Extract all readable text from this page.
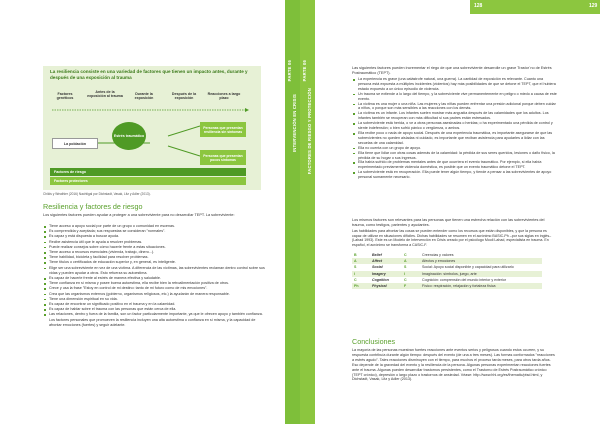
PARTE 06
INTERVENCIÓN EN CRISIS
PARTE 06
FACTORES DE RIESGO Y PROTECCIÓN
128	129
La resiliencia consiste en una variedad de factores que tienen un impacto antes, durante y después de una exposición al trauma
Factores genéticos
Antes de la exposición al trauma
Durante la exposición
Después de la exposición
Reacciones a largo plazo
Estrés traumático
La población
Personas que presentan resiliencia sin síntomas
Personas que presentan pocos síntomas
Factores de riesgo
Factores protectores
Childs y Weathier (2016) Nachtigal por Dichstadt, Vasak, Litz y Adler (2013).
Resiliencia y factores de riesgo
Los siguientes factores pueden ayudar a proteger a una sobreviviente para no desarrollar TEPT. La sobreviviente:
Tiene acceso a apoyo social por parte de un grupo o comunidad en escenas.
Es comprendida y aceptada; sus respuestas se consideran "normales".
Es capaz y está dispuesta a buscar ayuda.
Recibe asistencia útil que le ayuda a resolver problemas.
Puede realizar consejos sobre cómo hacerle frente a estas situaciones.
Tiene acceso a recursos esenciales (vivienda, trabajo, dinero...).
Tiene habilidad, bicicleta y facilidad para resolver problemas.
Tiene títulos o certificados de educación superior y, en general, es inteligente.
Elige ser una sobreviviente en vez de una víctima. A diferencia de las víctimas, las sobrevivientes reclaman dentro control sobre sus vidas y pueden ayudar a otros. Esto refuerza su autoestima.
Es capaz de hacerle frente al estrés de manera efectiva y saludable.
Tiene confianza en sí misma y posee buena autoestima, ella recibe bien la retroalimentación positiva de otros.
Crece y usa la frase "Estoy en control de mi destino: tanto de mi futuro como de mis emociones".
Crea que las organismos externos (gobierno, organismos religiosos, etc.) la ayudarán de manera responsable.
Tiene una dimensión espiritual en su vida.
Es capaz de encontrar un significado positivo en el trauma y en la calamidad.
Es capaz de hablar sobre el trauma con las personas que están cerca de ella.
Las relaciones, dentro y fuera de la familia, son un factor particularmente importante, ya que le ofrecen apoyo y también confianza. Los factores personales que promueven la resiliencia incluyen una alta autoestima o confianza en sí misma, y la capacidad de afrontar emociones (fuertes) y seguir adelante.
Las siguientes factores pueden incrementar el riego de que una sobreviviente desarrolle un grave Trastor´no de Estrés Postraumático (TEPT).
La experiencia es grave (una catástrofe natural, una guerra). La cantidad de exposición es relevante. Cuanto una persona está expuesta a múltiples incidentes (violentos) hay más posibilidades de que se detone el TEPT, que el hubiera estado expuesto a un único episodio de violencia.
Un trauma se extiende a lo largo del tiempo, y la sobreviviente vive permanentemente en peligro o miedo a causa de este evento.
La víctima es una mujer o una niña. Las mujeres y las niñas pueden enfrentar una presión adicional porque deben cuidar a niños, o porque son más sensibles a las reacciones con los demás.
La víctima es un infante. Los infantes suelen mostrar más angustia después de las calamidades que los adultos. Los infantes también se recuperan con más dificultad si sus padres están estresados.
La sobreviviente está herida, o ve a otras personas asesinadas o heridas; o ha experimentado una pérdida de control y siente indefensión; o bien sufrió pánico o vergüenza, o ambos.
Ella recibe poco o nada de apoyo social. Después de una experiencia traumática, es importante asegurarse de que las sobrevivientes no queden aisladas ni cuidado, es importante que reciban asistencia para ayudarles a lidiar con las secuelas de una calamidad.
Ella no cuenta con un grupo de apoyo.
Ella tiene que lidiar con otras cosas además de la calamidad: la pérdida de sus seres queridos, lesiones o daño físico, la pérdida de su hogar o sus ingresos.
Ella había sufrido de problemas mentales antes de que ocurriera el evento traumático. Por ejemplo, si ella había experimentado previamente violencia doméstica, es posible que un evento traumático detone el TEPT.
La sobreviviente está en recuperación. Ella puede tener algún tiempo, y tiende a pensar a las sobrevivientes de apoyo personal sumamente necesario.
Los mismos factores son relevantes para las personas que tienen una estrecha relación con las sobrevivientes del trauma, como testigos, parientes y ayudantes.
Las habilidades para afrontar las cosas se pueden entender como los recursos que están disponibles, y que la persona es capaz de utilizar en situaciones difíciles. Dichas habilidades se resumen en el acrónimo BASIC-Ph –por sus siglas en inglés– (Lahad 1993). Este es un Modelo de Intervención en Crisis creado por el psicólogo Mooli Lahad, especialista en trauma. En español, el acrónimo se transforma a CASIC-F.
B	Belief	C	Creencias y valores
A	Affect	A	Afectos y emociones
S	Social	S	Social: Apoyo social disponible y capacidad para utilizarlo
I	Imagery	I	Imaginación: símbolos, juego, arte
C	Cognition	C	Cognición: comprensión del mundo interior y exterior
Ph	Physical	F	Físico: respiración, relajación y fortaleza física
Conclusiones
La mayoría de las personas muestran fuertes reacciones ante eventos serios y peligrosos cuando estos ocurren, y su respuesta contribuía durante algún tiempo: después del evento (de una a tres meses). Las formas conformados "reacciones a estrés agudo". Tales reacciones disminuyen con el tiempo, para muchos el proceso tarda meses, para otros tarda años. Eso depende de la gravedad del evento y la resiliencia de la persona. Algunas personas experimentan reacciones fuertes ante el trauma. Algunas pueden desarrollar trastornos persistentes, como el Trastorno de Estrés Postraumático crónico (TEPT crónico), depresión o largo plazo o trastornos de ansiedad. Véase: http://www.hhi.org/es/thematic/ptsd.html, y Dichstadt, Vasak, Litz y Adler (2013).
